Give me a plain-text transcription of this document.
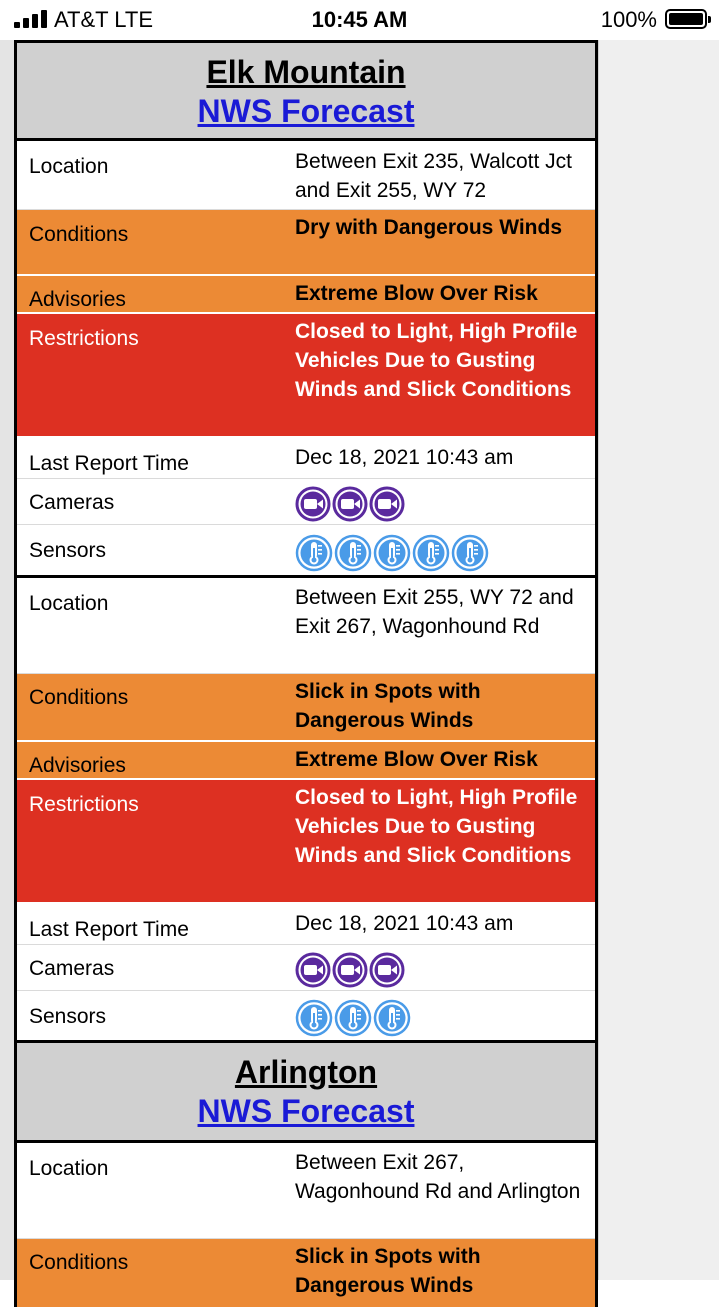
AT&T LTE	10:45 AM	100%
Elk Mountain
NWS Forecast
Location	Between Exit 235, Walcott Jct and Exit 255, WY 72
Conditions	Dry with Dangerous Winds
Advisories	Extreme Blow Over Risk
Restrictions	Closed to Light, High Profile Vehicles Due to Gusting Winds and Slick Conditions
Last Report Time	Dec 18, 2021 10:43 am
Cameras
Sensors
Location	Between Exit 255, WY 72 and Exit 267, Wagonhound Rd
Conditions	Slick in Spots with Dangerous Winds
Advisories	Extreme Blow Over Risk
Restrictions	Closed to Light, High Profile Vehicles Due to Gusting Winds and Slick Conditions
Last Report Time	Dec 18, 2021 10:43 am
Cameras
Sensors
Arlington
NWS Forecast
Location	Between Exit 267, Wagonhound Rd and Arlington
Conditions	Slick in Spots with Dangerous Winds
